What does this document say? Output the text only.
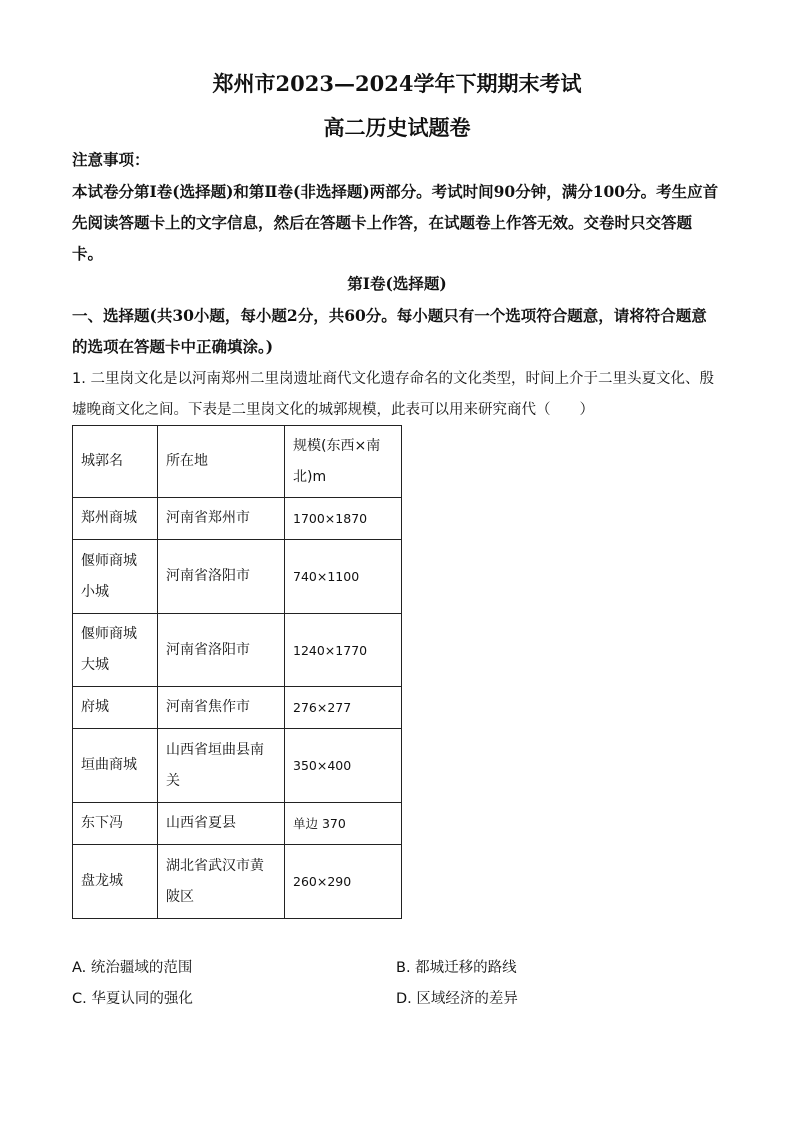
郑州市2023—2024学年下期期末考试
高二历史试题卷
注意事项：
本试卷分第Ⅰ卷(选择题)和第Ⅱ卷(非选择题)两部分。考试时间90分钟，满分100分。考生应首先阅读答题卡上的文字信息，然后在答题卡上作答，在试题卷上作答无效。交卷时只交答题卡。
第Ⅰ卷(选择题)
一、选择题(共30小题，每小题2分，共60分。每小题只有一个选项符合题意，请将符合题意的选项在答题卡中正确填涂。)
1. 二里岗文化是以河南郑州二里岗遗址商代文化遗存命名的文化类型，时间上介于二里头夏文化、殷墟晚商文化之间。下表是二里岗文化的城郭规模，此表可以用来研究商代（　　）
城郭名	所在地	规模(东西×南北)m
郑州商城	河南省郑州市	1700×1870
偃师商城小城	河南省洛阳市	740×1100
偃师商城大城	河南省洛阳市	1240×1770
府城	河南省焦作市	276×277
垣曲商城	山西省垣曲县南关	350×400
东下冯	山西省夏县	单边 370
盘龙城	湖北省武汉市黄陂区	260×290
A. 统治疆域的范围	B. 都城迁移的路线
C. 华夏认同的强化	D. 区域经济的差异
